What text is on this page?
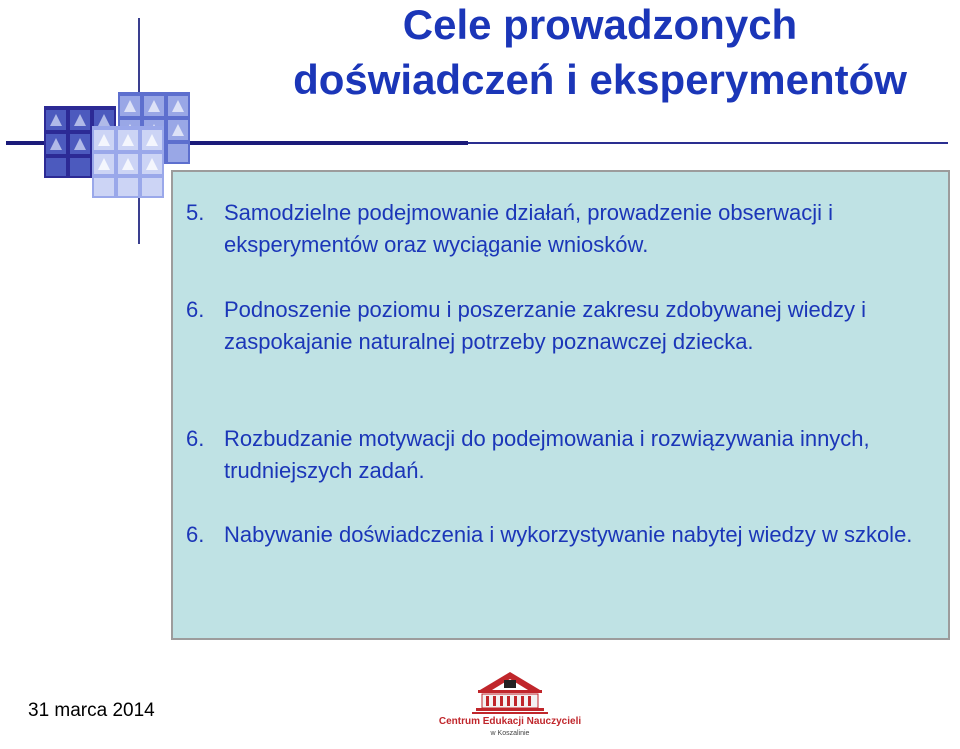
Cele prowadzonych
doświadczeń i eksperymentów
5. Samodzielne podejmowanie działań, prowadzenie obserwacji i eksperymentów oraz wyciąganie wniosków.
6. Podnoszenie poziomu i poszerzanie zakresu zdobywanej wiedzy i zaspokajanie naturalnej potrzeby poznawczej dziecka.
6. Rozbudzanie motywacji do podejmowania i rozwiązywania innych, trudniejszych zadań.
6. Nabywanie doświadczenia i wykorzystywanie nabytej wiedzy w szkole.
31 marca 2014
Centrum Edukacji Nauczycieli
w Koszalinie
